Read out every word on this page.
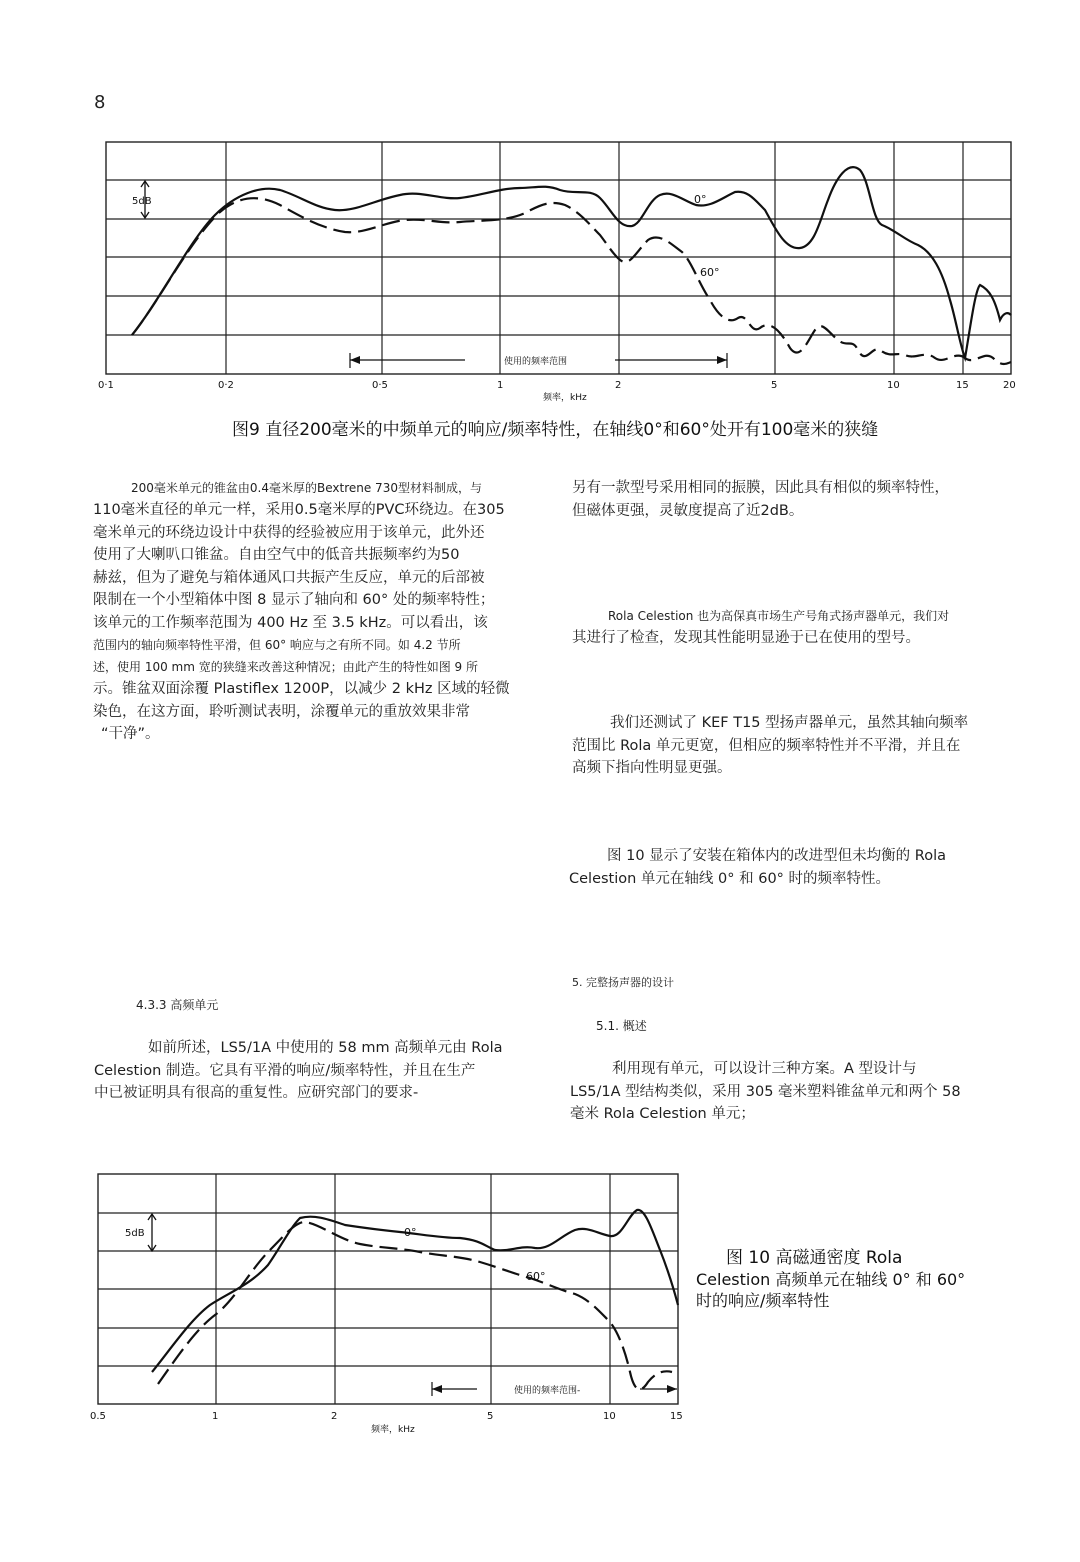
8
5dB	0°
60°
使用的频率范围
0·1	0·2	0·5	1	2	5	10	15	20
频率，kHz
图9 直径200毫米的中频单元的响应/频率特性，在轴线0°和60°处开有100毫米的狭缝
200毫米单元的锥盆由0.4毫米厚的Bextrene 730型材料制成，与
110毫米直径的单元一样，采用0.5毫米厚的PVC环绕边。在305
毫米单元的环绕边设计中获得的经验被应用于该单元，此外还
使用了大喇叭口锥盆。自由空气中的低音共振频率约为50
赫兹，但为了避免与箱体通风口共振产生反应，单元的后部被
限制在一个小型箱体中图 8 显示了轴向和 60° 处的频率特性；
该单元的工作频率范围为 400 Hz 至 3.5 kHz。可以看出，该
范围内的轴向频率特性平滑，但 60° 响应与之有所不同。如 4.2 节所
述，使用 100 mm 宽的狭缝来改善这种情况；由此产生的特性如图 9 所
示。锥盆双面涂覆 Plastiflex 1200P，以减少 2 kHz 区域的轻微
染色，在这方面，聆听测试表明，涂覆单元的重放效果非常
“干净”。
4.3.3 高频单元
如前所述，LS5/1A 中使用的 58 mm 高频单元由 Rola
Celestion 制造。它具有平滑的响应/频率特性，并且在生产
中已被证明具有很高的重复性。应研究部门的要求-
另有一款型号采用相同的振膜，因此具有相似的频率特性，
但磁体更强，灵敏度提高了近2dB。
Rola Celestion 也为高保真市场生产号角式扬声器单元，我们对
其进行了检查，发现其性能明显逊于已在使用的型号。
我们还测试了 KEF T15 型扬声器单元，虽然其轴向频率
范围比 Rola 单元更宽，但相应的频率特性并不平滑，并且在
高频下指向性明显更强。
图 10 显示了安装在箱体内的改进型但未均衡的 Rola
Celestion 单元在轴线 0° 和 60° 时的频率特性。
5. 完整扬声器的设计
5.1. 概述
利用现有单元，可以设计三种方案。A 型设计与
LS5/1A 型结构类似，采用 305 毫米塑料锥盆单元和两个 58
毫米 Rola Celestion 单元；
5dB	0°
60°
使用的频率范围-
0.5	1	2	5	10	15
频率，kHz
图 10 高磁通密度 Rola
Celestion 高频单元在轴线 0° 和 60°
时的响应/频率特性
